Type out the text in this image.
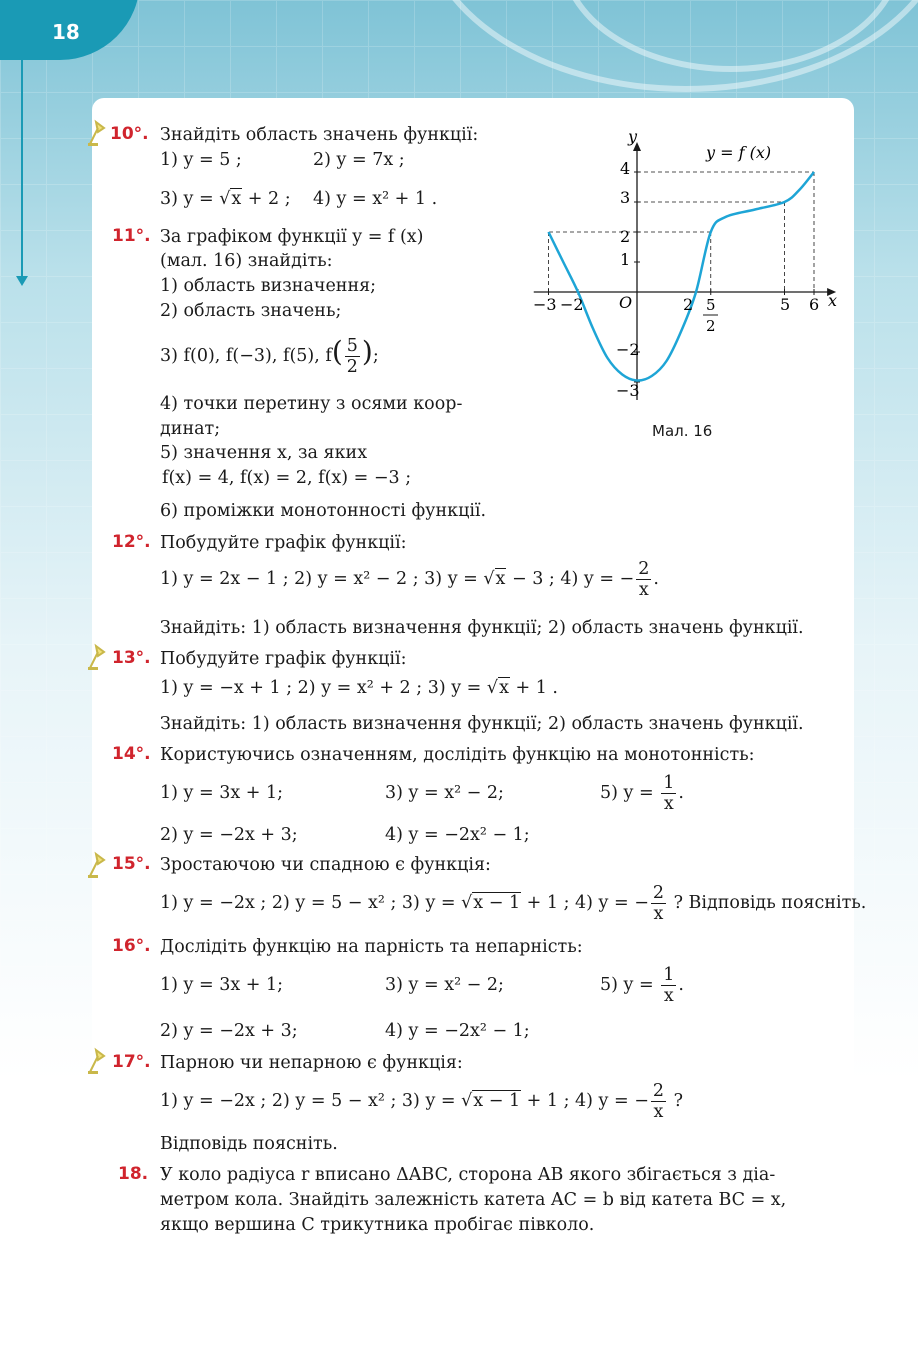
18
10°.
11°.
12°.
13°.
14°.
15°.
16°.
17°.
18.
Знайдіть область значень функції:
1) y = 5 ;	2) y = 7x ;
3) y = √x + 2 ; 4) y = x² + 1 .
За графіком функції y = f (x)
(мал. 16) знайдіть:
1) область визначення;
2) область значень;
3) f(0), f(−3), f(5), $f( \frac{5}{2}$ );
4) точки перетину з осями коор-
динат;
5) значення x, за яких
f(x) = 4, f(x) = 2, f(x) = −3 ;
6) проміжки монотонності функції.
y
x
O
y = f (x)
−3 −2	2	5 6
5
2
4
3
2
1
−2
−3
Мал. 16
Побудуйте графік функції:
1) y = 2x − 1 ; 2) y = x² − 2 ; 3) y = √x − 3 ; 4) y = − $\frac{2}{x}$ .
Знайдіть: 1) область визначення функції; 2) область значень функції.
Побудуйте графік функції:
1) y = −x + 1 ; 2) y = x² + 2 ; 3) y = √x + 1 .
Знайдіть: 1) область визначення функції; 2) область значень функції.
Користуючись означенням, дослідіть функцію на монотонність:
1) y = 3x + 1;	3) y = x² − 2;	5) $y = \frac{1}{x}$ .
2) y = −2x + 3;	4) y = −2x² − 1;
Зростаючою чи спадною є функція:
1) y = −2x ; 2) y = 5 − x² ; 3) y = √x − 1 + 1 ; 4) y = − $\frac{2}{x}$ ? Відповідь поясніть.
Дослідіть функцію на парність та непарність:
1) y = 3x + 1;	3) y = x² − 2;	5) $y = \frac{1}{x}$ .
2) y = −2x + 3;	4) y = −2x² − 1;
Парною чи непарною є функція:
1) y = −2x ; 2) y = 5 − x² ; 3) y = √x − 1 + 1 ; 4) y = − $\frac{2}{x}$ ?
Відповідь поясніть.
У коло радіуса r вписано ΔABC, сторона AB якого збігається з діа-
метром кола. Знайдіть залежність катета AC = b від катета BC = x,
якщо вершина C трикутника пробігає півколо.
